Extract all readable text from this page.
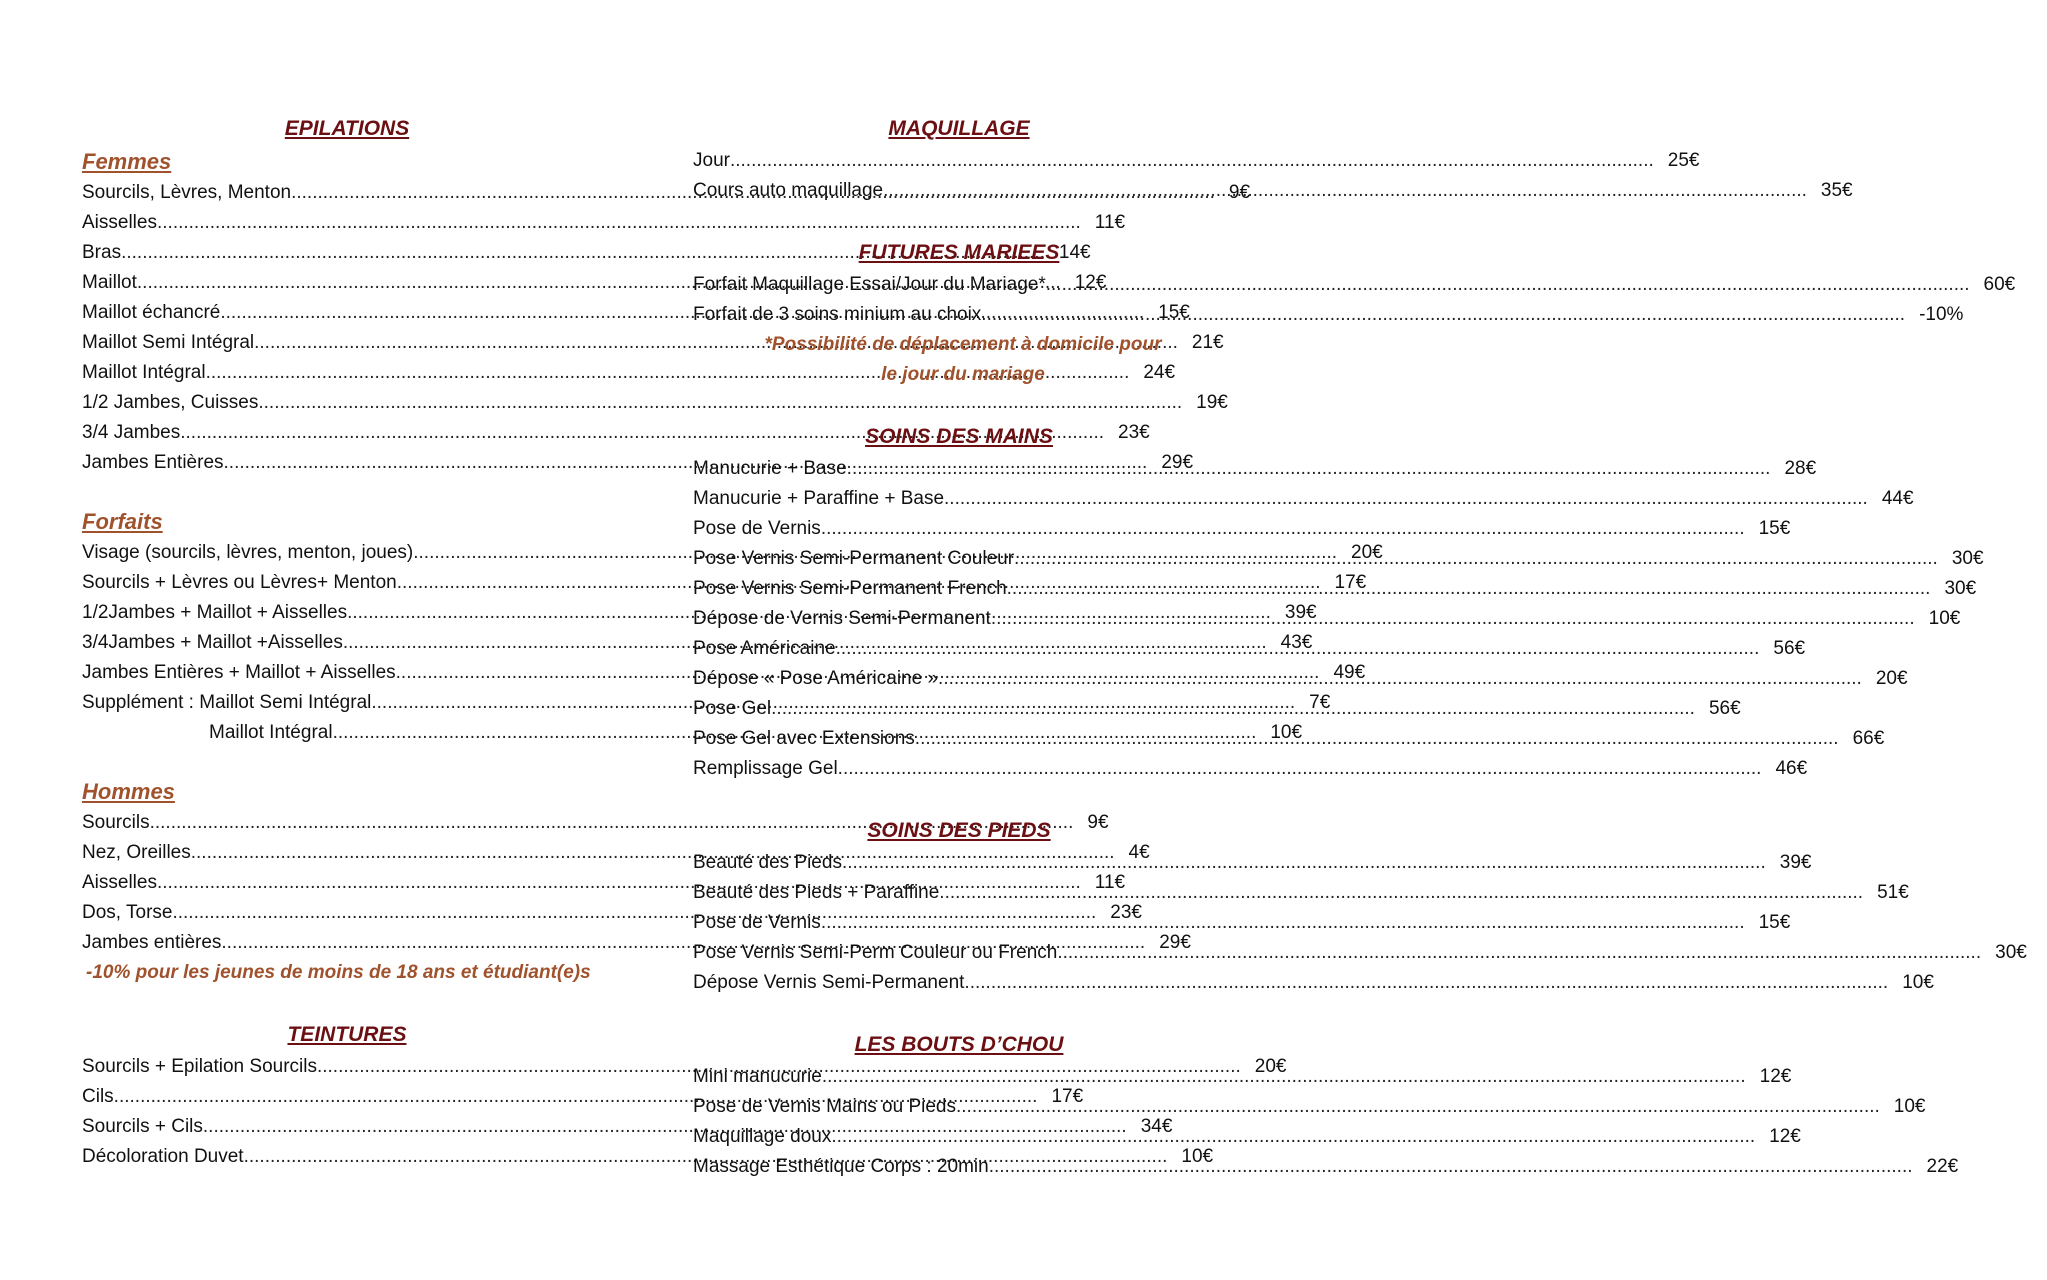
EPILATIONS
Femmes
Sourcils, Lèvres, Menton .....	9€
Aisselles .....	11€
Bras .....	14€
Maillot .....	12€
Maillot échancré .....	15€
Maillot Semi Intégral .....	21€
Maillot Intégral .....	24€
1/2 Jambes, Cuisses .....	19€
3/4 Jambes .....	23€
Jambes Entières .....	29€
Forfaits
Visage (sourcils, lèvres, menton, joues) .....	20€
Sourcils + Lèvres ou Lèvres+ Menton .....	17€
1/2Jambes + Maillot + Aisselles .....	39€
3/4Jambes + Maillot +Aisselles .....	43€
Jambes Entières + Maillot + Aisselles .....	49€
Supplément : Maillot Semi Intégral .....	7€
Maillot Intégral .....	10€
Hommes
Sourcils .....	9€
Nez, Oreilles .....	4€
Aisselles .....	11€
Dos, Torse .....	23€
Jambes entières .....	29€
-10% pour les jeunes de moins de 18 ans et étudiant(e)s
TEINTURES
Sourcils + Epilation Sourcils .....	20€
Cils .....	17€
Sourcils + Cils .....	34€
Décoloration Duvet .....	10€
MAQUILLAGE
Jour .....	25€
Cours auto maquillage .....	35€
FUTURES MARIEES
Forfait Maquillage Essai/Jour du Mariage* .....	60€
Forfait de 3 soins minium au choix .....	-10%
*Possibilité de déplacement à domicile pour
le jour du mariage
SOINS DES MAINS
Manucurie + Base .....	28€
Manucurie + Paraffine + Base .....	44€
Pose de Vernis .....	15€
Pose Vernis Semi-Permanent Couleur .....	30€
Pose Vernis Semi-Permanent French .....	30€
Dépose de Vernis Semi-Permanent .....	10€
Pose Américaine .....	56€
Dépose « Pose Américaine » .....	20€
Pose Gel .....	56€
Pose Gel avec Extensions .....	66€
Remplissage Gel .....	46€
SOINS DES PIEDS
Beauté des Pieds .....	39€
Beauté des Pieds + Paraffine .....	51€
Pose de Vernis .....	15€
Pose Vernis Semi-Perm Couleur ou French .....	30€
Dépose Vernis Semi-Permanent .....	10€
LES BOUTS D’CHOU
Mini manucurie .....	12€
Pose de Vernis Mains ou Pieds .....	10€
Maquillage doux .....	12€
Massage Esthétique Corps : 20min .....	22€
